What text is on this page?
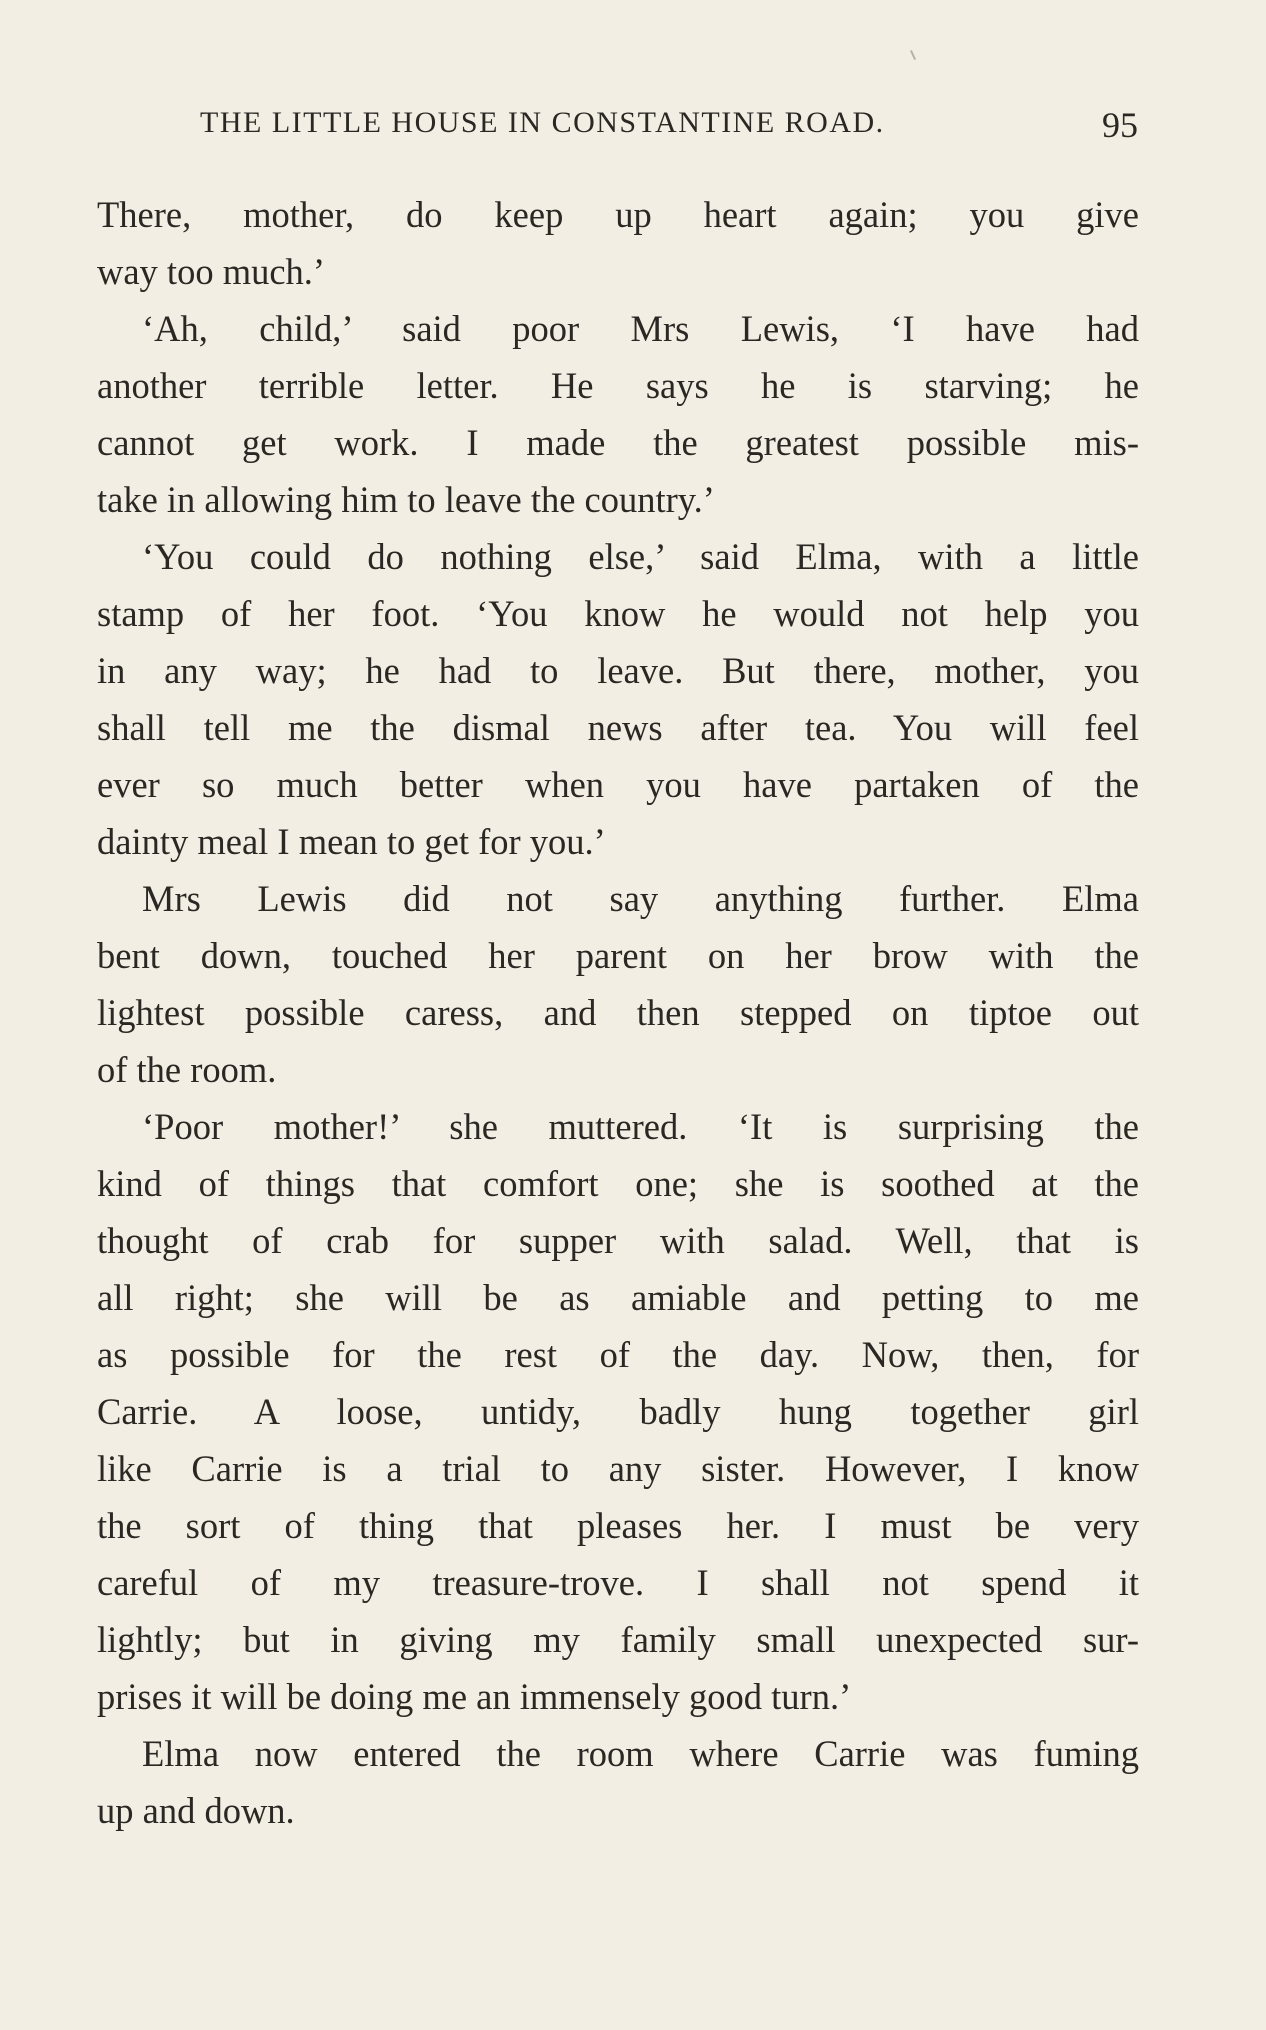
THE LITTLE HOUSE IN CONSTANTINE ROAD.	95

There, mother, do keep up heart again; you give
way too much.’

‘Ah, child,’ said poor Mrs Lewis, ‘I have had
another terrible letter. He says he is starving; he
cannot get work. I made the greatest possible mis-
take in allowing him to leave the country.’

‘You could do nothing else,’ said Elma, with a little
stamp of her foot. ‘You know he would not help you
in any way; he had to leave. But there, mother, you
shall tell me the dismal news after tea. You will feel
ever so much better when you have partaken of the
dainty meal I mean to get for you.’

Mrs Lewis did not say anything further. Elma
bent down, touched her parent on her brow with the
lightest possible caress, and then stepped on tiptoe out
of the room.

‘Poor mother!’ she muttered. ‘It is surprising the
kind of things that comfort one; she is soothed at the
thought of crab for supper with salad. Well, that is
all right; she will be as amiable and petting to me
as possible for the rest of the day. Now, then, for
Carrie. A loose, untidy, badly hung together girl
like Carrie is a trial to any sister. However, I know
the sort of thing that pleases her. I must be very
careful of my treasure-trove. I shall not spend it
lightly; but in giving my family small unexpected sur-
prises it will be doing me an immensely good turn.’

Elma now entered the room where Carrie was fuming
up and down.
